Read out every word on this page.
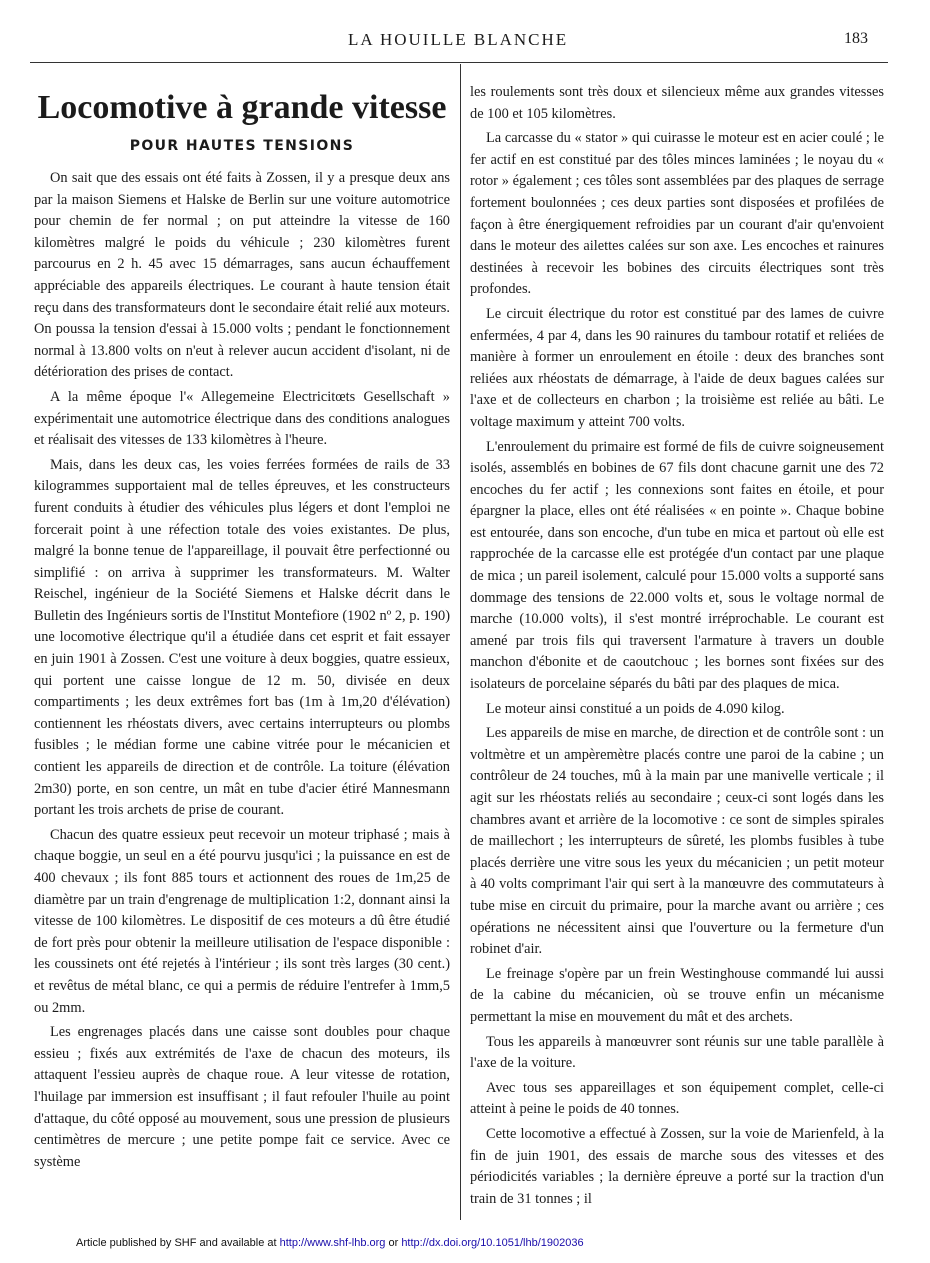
LA HOUILLE BLANCHE	183
Locomotive à grande vitesse
POUR HAUTES TENSIONS

On sait que des essais ont été faits à Zossen, il y a presque deux ans par la maison Siemens et Halske de Berlin sur une voiture automotrice pour chemin de fer normal ; on put atteindre la vitesse de 160 kilomètres malgré le poids du véhicule ; 230 kilomètres furent parcourus en 2 h. 45 avec 15 démarrages, sans aucun échauffement appréciable des appareils électriques. Le courant à haute tension était reçu dans des transformateurs dont le secondaire était relié aux moteurs. On poussa la tension d'essai à 15.000 volts ; pendant le fonctionnement normal à 13.800 volts on n'eut à relever aucun accident d'isolant, ni de détérioration des prises de contact.

A la même époque l'« Allegemeine Electricitœts Gesellschaft » expérimentait une automotrice électrique dans des conditions analogues et réalisait des vitesses de 133 kilomètres à l'heure.

Mais, dans les deux cas, les voies ferrées formées de rails de 33 kilogrammes supportaient mal de telles épreuves, et les constructeurs furent conduits à étudier des véhicules plus légers et dont l'emploi ne forcerait point à une réfection totale des voies existantes. De plus, malgré la bonne tenue de l'appareillage, il pouvait être perfectionné ou simplifié : on arriva à supprimer les transformateurs. M. Walter Reischel, ingénieur de la Société Siemens et Halske décrit dans le Bulletin des Ingénieurs sortis de l'Institut Montefiore (1902 nº 2, p. 190) une locomotive électrique qu'il a étudiée dans cet esprit et fait essayer en juin 1901 à Zossen. C'est une voiture à deux boggies, quatre essieux, qui portent une caisse longue de 12 m. 50, divisée en deux compartiments ; les deux extrêmes fort bas (1m à 1m,20 d'élévation) contiennent les rhéostats divers, avec certains interrupteurs ou plombs fusibles ; le médian forme une cabine vitrée pour le mécanicien et contient les appareils de direction et de contrôle. La toiture (élévation 2m30) porte, en son centre, un mât en tube d'acier étiré Mannesmann portant les trois archets de prise de courant.

Chacun des quatre essieux peut recevoir un moteur triphasé ; mais à chaque boggie, un seul en a été pourvu jusqu'ici ; la puissance en est de 400 chevaux ; ils font 885 tours et actionnent des roues de 1m,25 de diamètre par un train d'engrenage de multiplication 1:2, donnant ainsi la vitesse de 100 kilomètres. Le dispositif de ces moteurs a dû être étudié de fort près pour obtenir la meilleure utilisation de l'espace disponible : les coussinets ont été rejetés à l'intérieur ; ils sont très larges (30 cent.) et revêtus de métal blanc, ce qui a permis de réduire l'entrefer à 1mm,5 ou 2mm.

Les engrenages placés dans une caisse sont doubles pour chaque essieu ; fixés aux extrémités de l'axe de chacun des moteurs, ils attaquent l'essieu auprès de chaque roue. A leur vitesse de rotation, l'huilage par immersion est insuffisant ; il faut refouler l'huile au point d'attaque, du côté opposé au mouvement, sous une pression de plusieurs centimètres de mercure ; une petite pompe fait ce service. Avec ce système

les roulements sont très doux et silencieux même aux grandes vitesses de 100 et 105 kilomètres.

La carcasse du « stator » qui cuirasse le moteur est en acier coulé ; le fer actif en est constitué par des tôles minces laminées ; le noyau du « rotor » également ; ces tôles sont assemblées par des plaques de serrage fortement boulonnées ; ces deux parties sont disposées et profilées de façon à être énergiquement refroidies par un courant d'air qu'envoient dans le moteur des ailettes calées sur son axe. Les encoches et rainures destinées à recevoir les bobines des circuits électriques sont très profondes.

Le circuit électrique du rotor est constitué par des lames de cuivre enfermées, 4 par 4, dans les 90 rainures du tambour rotatif et reliées de manière à former un enroulement en étoile : deux des branches sont reliées aux rhéostats de démarrage, à l'aide de deux bagues calées sur l'axe et de collecteurs en charbon ; la troisième est reliée au bâti. Le voltage maximum y atteint 700 volts.

L'enroulement du primaire est formé de fils de cuivre soigneusement isolés, assemblés en bobines de 67 fils dont chacune garnit une des 72 encoches du fer actif ; les connexions sont faites en étoile, et pour épargner la place, elles ont été réalisées « en pointe ». Chaque bobine est entourée, dans son encoche, d'un tube en mica et partout où elle est rapprochée de la carcasse elle est protégée d'un contact par une plaque de mica ; un pareil isolement, calculé pour 15.000 volts a supporté sans dommage des tensions de 22.000 volts et, sous le voltage normal de marche (10.000 volts), il s'est montré irréprochable. Le courant est amené par trois fils qui traversent l'armature à travers un double manchon d'ébonite et de caoutchouc ; les bornes sont fixées sur des isolateurs de porcelaine séparés du bâti par des plaques de mica.

Le moteur ainsi constitué a un poids de 4.090 kilog.

Les appareils de mise en marche, de direction et de contrôle sont : un voltmètre et un ampèremètre placés contre une paroi de la cabine ; un contrôleur de 24 touches, mû à la main par une manivelle verticale ; il agit sur les rhéostats reliés au secondaire ; ceux-ci sont logés dans les chambres avant et arrière de la locomotive : ce sont de simples spirales de maillechort ; les interrupteurs de sûreté, les plombs fusibles à tube placés derrière une vitre sous les yeux du mécanicien ; un petit moteur à 40 volts comprimant l'air qui sert à la manœuvre des commutateurs à tube mise en circuit du primaire, pour la marche avant ou arrière ; ces opérations ne nécessitent ainsi que l'ouverture ou la fermeture d'un robinet d'air.

Le freinage s'opère par un frein Westinghouse commandé lui aussi de la cabine du mécanicien, où se trouve enfin un mécanisme permettant la mise en mouvement du mât et des archets.

Tous les appareils à manœuvrer sont réunis sur une table parallèle à l'axe de la voiture.

Avec tous ses appareillages et son équipement complet, celle-ci atteint à peine le poids de 40 tonnes.

Cette locomotive a effectué à Zossen, sur la voie de Marienfeld, à la fin de juin 1901, des essais de marche sous des vitesses et des périodicités variables ; la dernière épreuve a porté sur la traction d'un train de 31 tonnes ; il

Article published by SHF and available at http://www.shf-lhb.org or http://dx.doi.org/10.1051/lhb/1902036
